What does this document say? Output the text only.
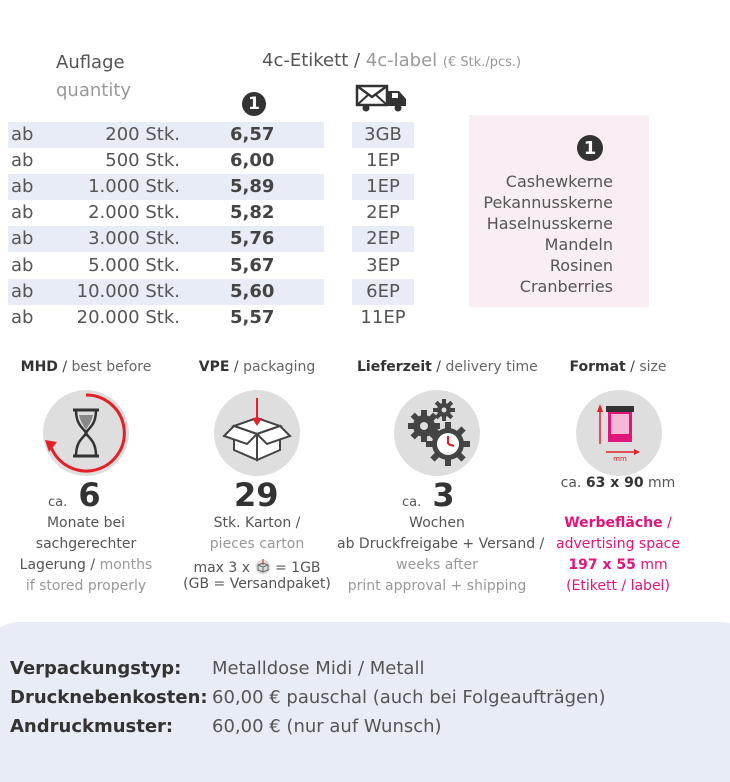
Auflage
quantity
4c-Etikett / 4c-label (€ Stk./pcs.)
1
ab	200 Stk.	6,57	3GB
ab	500 Stk.	6,00	1EP
ab	1.000 Stk.	5,89	1EP
ab	2.000 Stk.	5,82	2EP
ab	3.000 Stk.	5,76	2EP
ab	5.000 Stk.	5,67	3EP
ab	10.000 Stk.	5,60	6EP
ab	20.000 Stk.	5,57	11EP
1
Cashewkerne
Pekannusskerne
Haselnusskerne
Mandeln
Rosinen
Cranberries
MHD / best before
ca. 6
Monate bei
sachgerechter
Lagerung / months
if stored properly
VPE / packaging
29
Stk. Karton /
pieces carton
max 3 x = 1GB
(GB = Versandpaket)
Lieferzeit / delivery time
ca. 3
Wochen
ab Druckfreigabe + Versand /
weeks after
print approval + shipping
Format / size
mm
ca. 63 x 90 mm
Werbefläche /
advertising space
197 x 55 mm
(Etikett / label)
Verpackungstyp: Metalldose Midi / Metall
Drucknebenkosten: 60,00 € pauschal (auch bei Folgeaufträgen)
Andruckmuster: 60,00 € (nur auf Wunsch)
